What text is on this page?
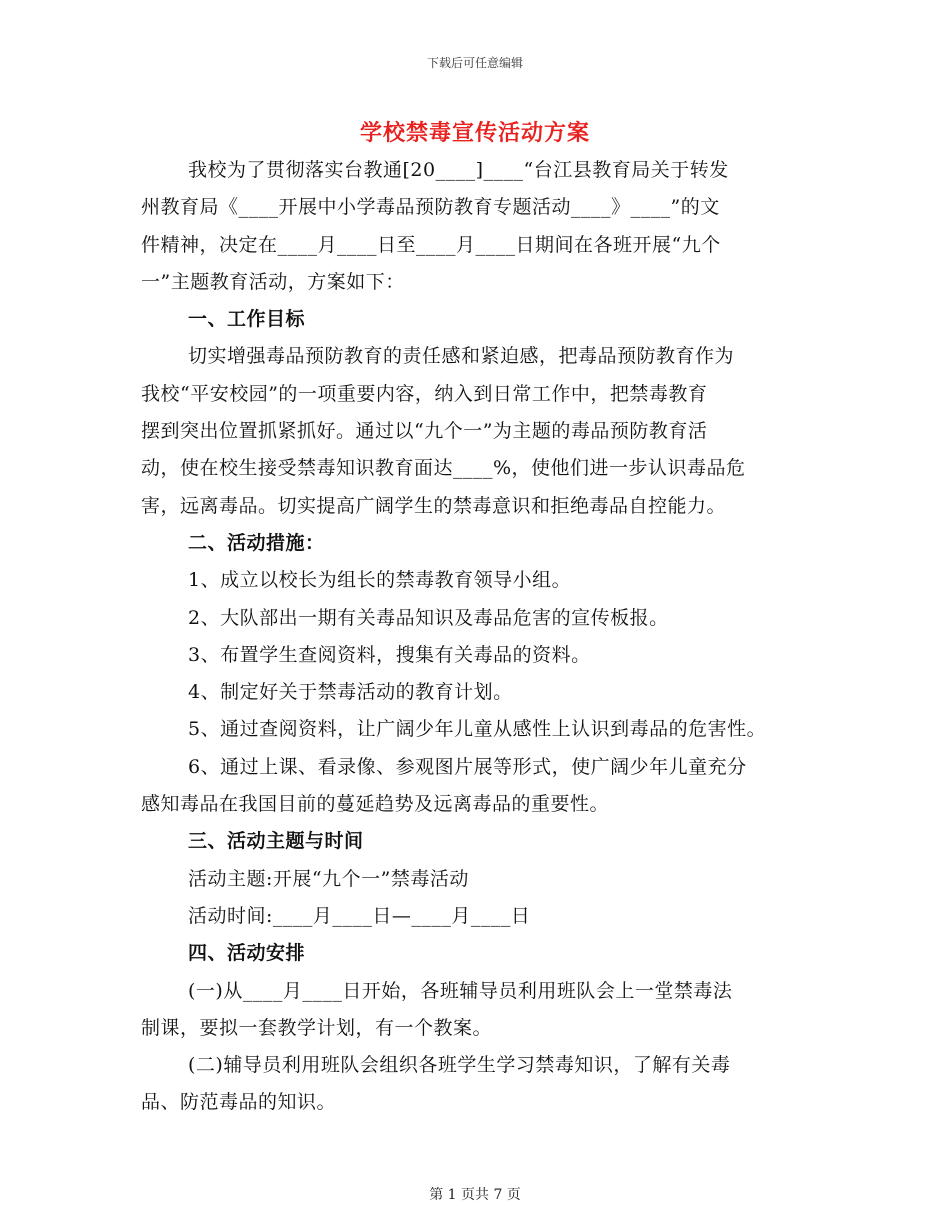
下载后可任意编辑
学校禁毒宣传活动方案
我校为了贯彻落实台教通[20____]____“台江县教育局关于转发
州教育局《____开展中小学毒品预防教育专题活动____》____”的文
件精神，决定在____月____日至____月____日期间在各班开展“九个
一”主题教育活动，方案如下：
一、工作目标
切实增强毒品预防教育的责任感和紧迫感，把毒品预防教育作为
我校“平安校园”的一项重要内容，纳入到日常工作中，把禁毒教育
摆到突出位置抓紧抓好。通过以“九个一”为主题的毒品预防教育活
动，使在校生接受禁毒知识教育面达____%，使他们进一步认识毒品危
害，远离毒品。切实提高广阔学生的禁毒意识和拒绝毒品自控能力。
二、活动措施：
1、成立以校长为组长的禁毒教育领导小组。
2、大队部出一期有关毒品知识及毒品危害的宣传板报。
3、布置学生查阅资料，搜集有关毒品的资料。
4、制定好关于禁毒活动的教育计划。
5、通过查阅资料，让广阔少年儿童从感性上认识到毒品的危害性。
6、通过上课、看录像、参观图片展等形式，使广阔少年儿童充分
感知毒品在我国目前的蔓延趋势及远离毒品的重要性。
三、活动主题与时间
活动主题:开展“九个一”禁毒活动
活动时间:____月____日—____月____日
四、活动安排
(一)从____月____日开始，各班辅导员利用班队会上一堂禁毒法
制课，要拟一套教学计划，有一个教案。
(二)辅导员利用班队会组织各班学生学习禁毒知识，了解有关毒
品、防范毒品的知识。
第 1 页共 7 页
